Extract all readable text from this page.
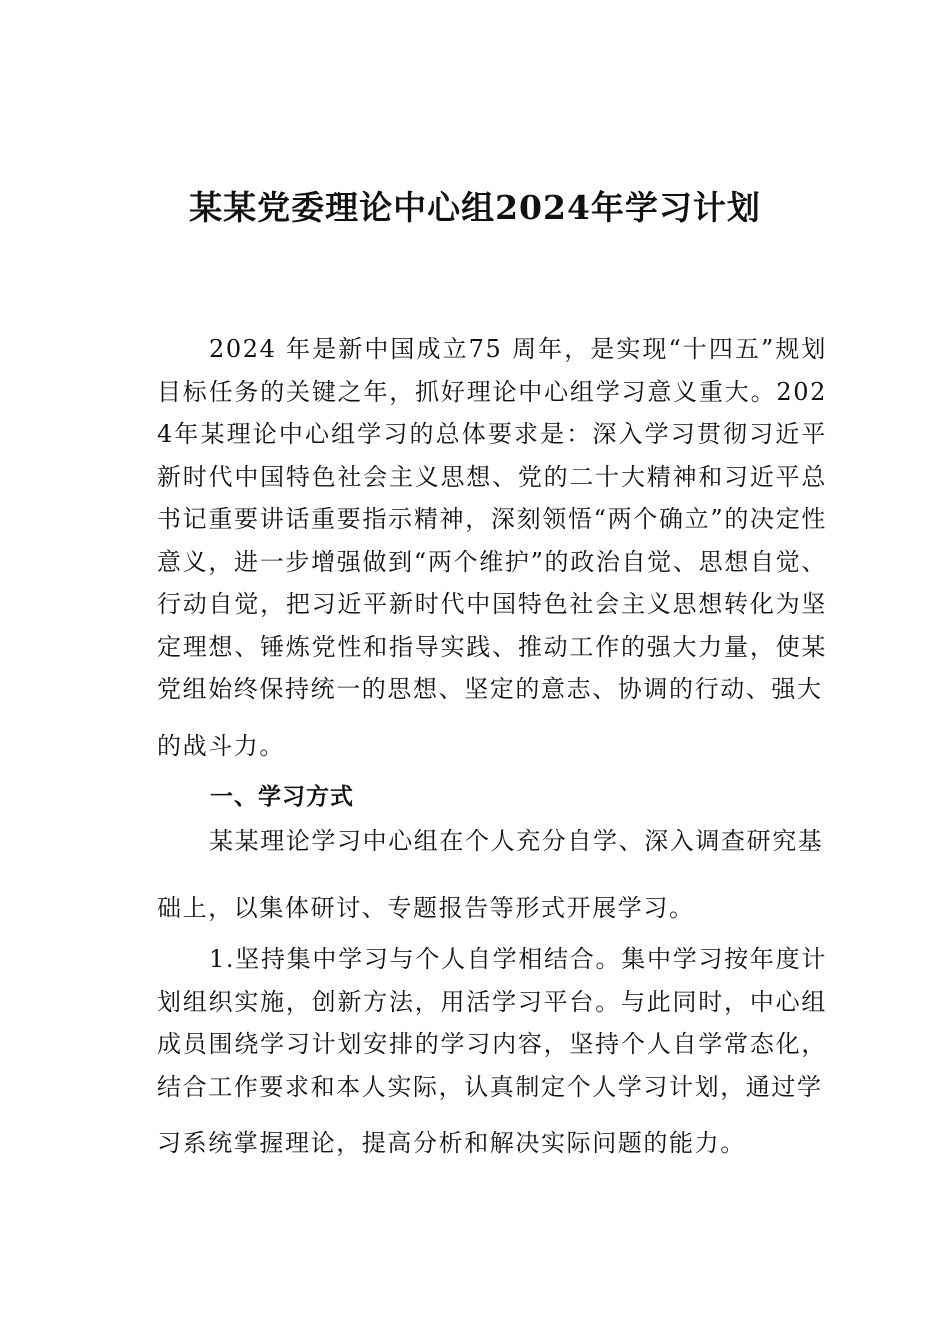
某某党委理论中心组2024年学习计划

2024 年是新中国成立75 周年，是实现“十四五”规划目标任务的关键之年，抓好理论中心组学习意义重大。2024年某理论中心组学习的总体要求是：深入学习贯彻习近平新时代中国特色社会主义思想、党的二十大精神和习近平总书记重要讲话重要指示精神，深刻领悟“两个确立”的决定性意义，进一步增强做到“两个维护”的政治自觉、思想自觉、行动自觉，把习近平新时代中国特色社会主义思想转化为坚定理想、锤炼党性和指导实践、推动工作的强大力量，使某党组始终保持统一的思想、坚定的意志、协调的行动、强大

的战斗力。

一、学习方式

某某理论学习中心组在个人充分自学、深入调查研究基

础上，以集体研讨、专题报告等形式开展学习。

1.坚持集中学习与个人自学相结合。集中学习按年度计划组织实施，创新方法，用活学习平台。与此同时，中心组成员围绕学习计划安排的学习内容，坚持个人自学常态化，结合工作要求和本人实际，认真制定个人学习计划，通过学

习系统掌握理论，提高分析和解决实际问题的能力。
